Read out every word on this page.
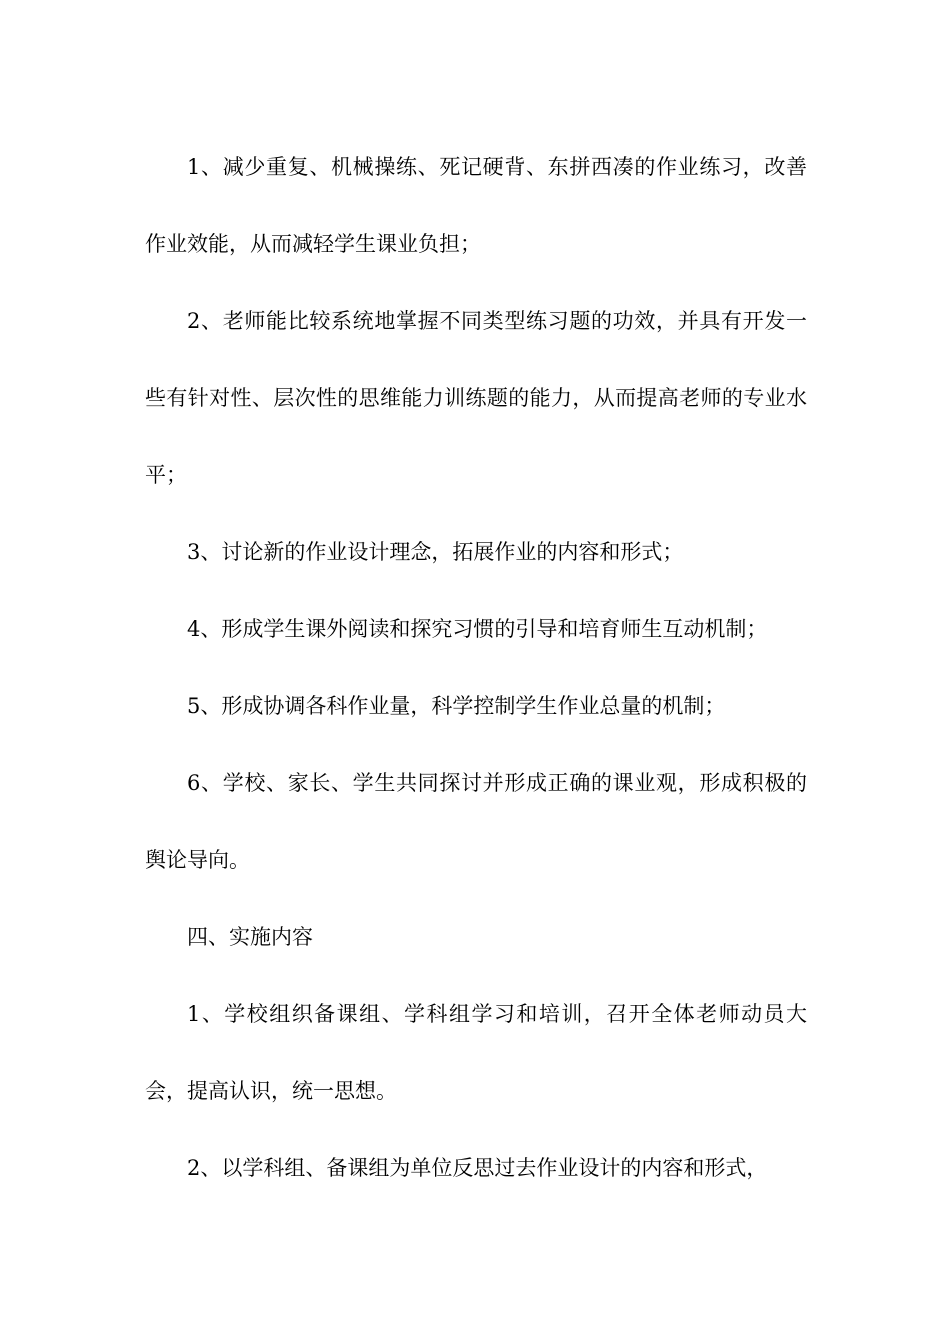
1、减少重复、机械操练、死记硬背、东拼西凑的作业练习，改善作业效能，从而减轻学生课业负担；

2、老师能比较系统地掌握不同类型练习题的功效，并具有开发一些有针对性、层次性的思维能力训练题的能力，从而提高老师的专业水平；

3、讨论新的作业设计理念，拓展作业的内容和形式；

4、形成学生课外阅读和探究习惯的引导和培育师生互动机制；

5、形成协调各科作业量，科学控制学生作业总量的机制；

6、学校、家长、学生共同探讨并形成正确的课业观，形成积极的舆论导向。

四、实施内容

1、学校组织备课组、学科组学习和培训，召开全体老师动员大会，提高认识，统一思想。

2、以学科组、备课组为单位反思过去作业设计的内容和形式，
